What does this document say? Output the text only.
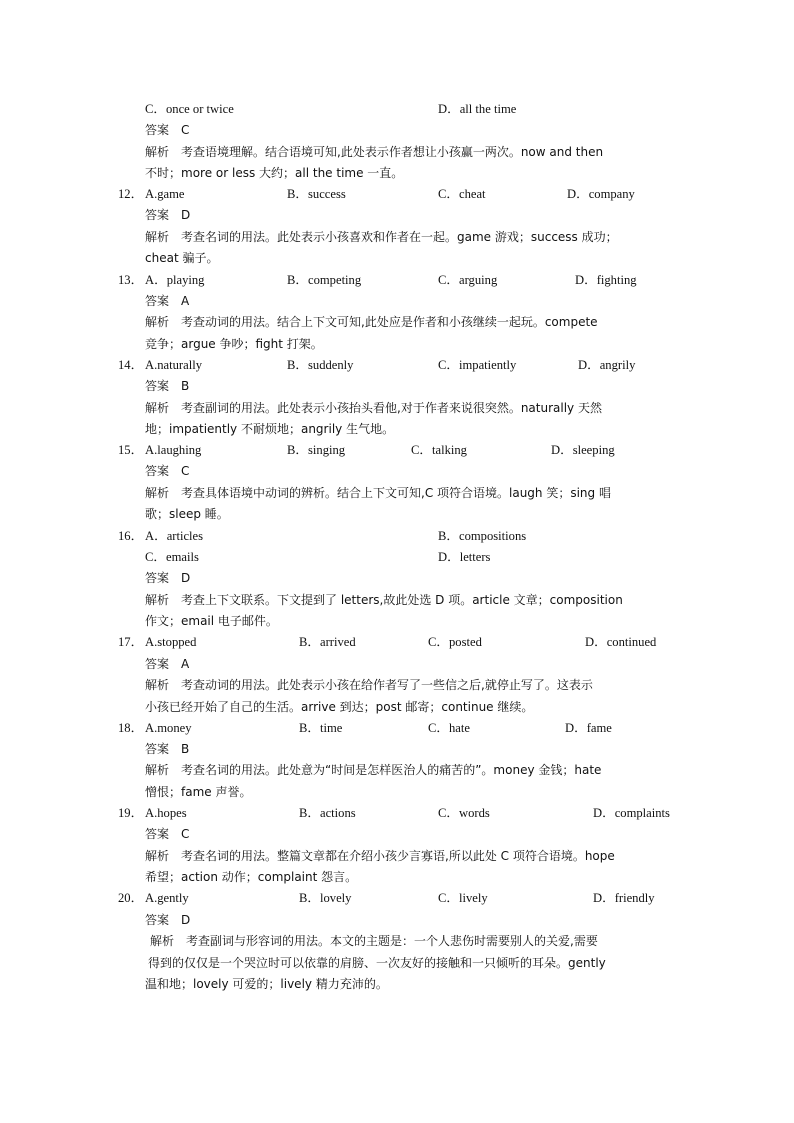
C．once or twice	D．all the time
答案　C
解析　考查语境理解。结合语境可知,此处表示作者想让小孩赢一两次。now and then
不时；more or less 大约；all the time 一直。
12． A.game	B．success	C．cheat	D．company
答案　D
解析　考查名词的用法。此处表示小孩喜欢和作者在一起。game 游戏；success 成功；
cheat 骗子。
13． A．playing	B．competing	C．arguing	D．fighting
答案　A
解析　考查动词的用法。结合上下文可知,此处应是作者和小孩继续一起玩。compete
竞争；argue 争吵；fight 打架。
14． A.naturally	B．suddenly	C．impatiently	D．angrily
答案　B
解析　考查副词的用法。此处表示小孩抬头看他,对于作者来说很突然。naturally 天然
地；impatiently 不耐烦地；angrily 生气地。
15． A.laughing	B．singing	C．talking	D．sleeping
答案　C
解析　考查具体语境中动词的辨析。结合上下文可知,C 项符合语境。laugh 笑；sing 唱
歌；sleep 睡。
16． A．articles	B．compositions
C．emails	D．letters
答案　D
解析　考查上下文联系。下文提到了 letters,故此处选 D 项。article 文章；composition
作文；email 电子邮件。
17． A.stopped	B．arrived	C．posted	D．continued
答案　A
解析　考查动词的用法。此处表示小孩在给作者写了一些信之后,就停止写了。这表示
小孩已经开始了自己的生活。arrive 到达；post 邮寄；continue 继续。
18． A.money	B．time	C．hate	D．fame
答案　B
解析　考查名词的用法。此处意为“时间是怎样医治人的痛苦的”。money 金钱；hate
憎恨；fame 声誉。
19． A.hopes	B．actions	C．words	D．complaints
答案　C
解析　考查名词的用法。整篇文章都在介绍小孩少言寡语,所以此处 C 项符合语境。hope
希望；action 动作；complaint 怨言。
20． A.gently	B．lovely	C．lively	D．friendly
答案　D
解析　考查副词与形容词的用法。本文的主题是：一个人悲伤时需要别人的关爱,需要
得到的仅仅是一个哭泣时可以依靠的肩膀、一次友好的接触和一只倾听的耳朵。gently
温和地；lovely 可爱的；lively 精力充沛的。
